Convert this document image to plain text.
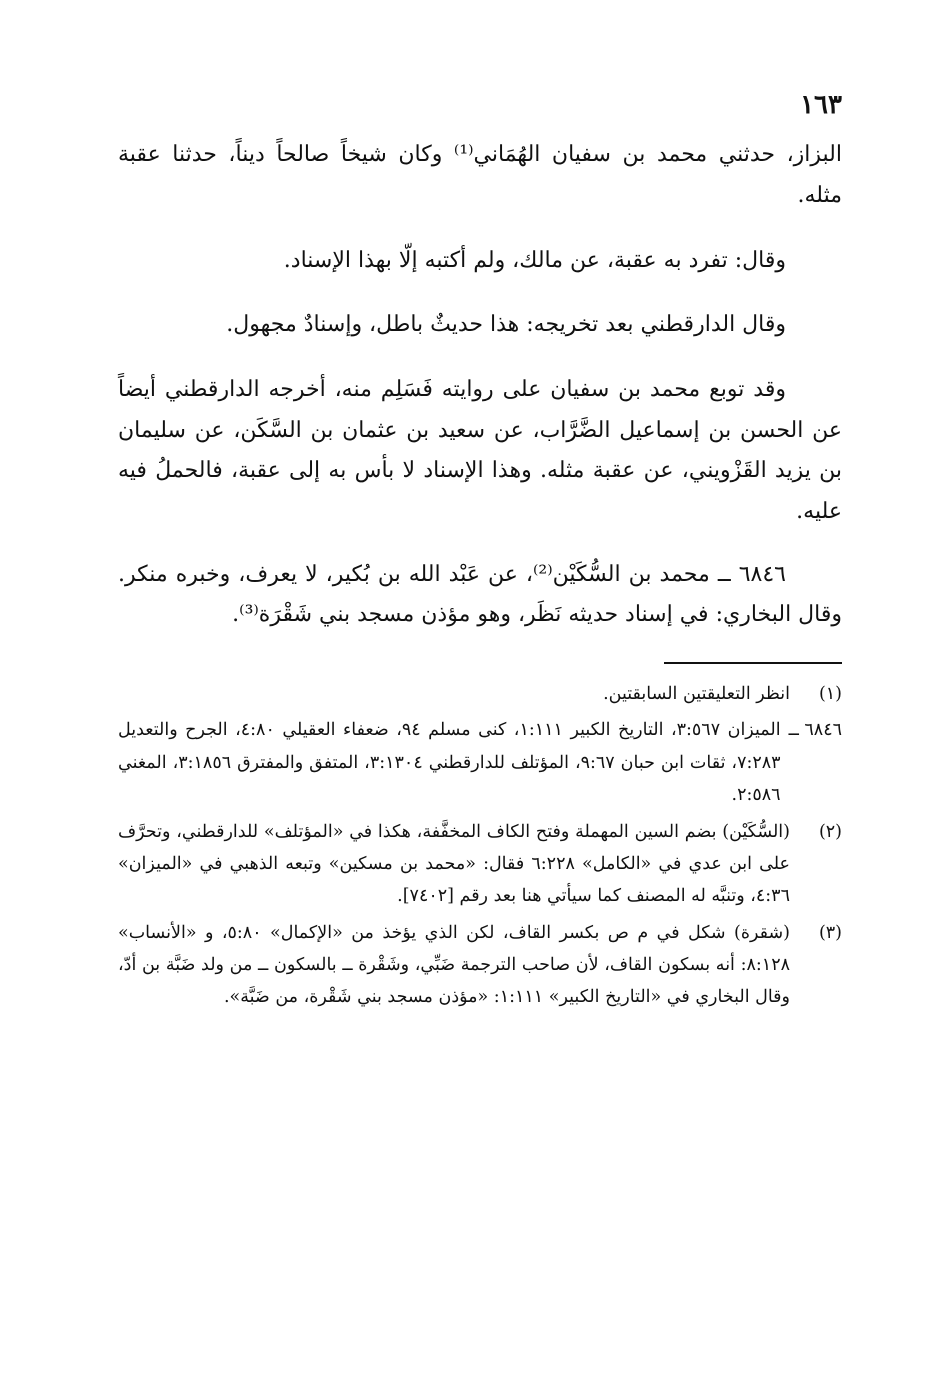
١٦٣

البزاز، حدثني محمد بن سفيان الهُمَاني⁽¹⁾ وكان شيخاً صالحاً ديناً، حدثنا عقبة مثله.

وقال: تفرد به عقبة، عن مالك، ولم أكتبه إلّا بهذا الإسناد.

وقال الدارقطني بعد تخريجه: هذا حديثٌ باطل، وإسنادٌ مجهول.

وقد توبع محمد بن سفيان على روايته فَسَلِم منه، أخرجه الدارقطني أيضاً عن الحسن بن إسماعيل الضَّرَّاب، عن سعيد بن عثمان بن السَّكَن، عن سليمان بن يزيد القَزْويني، عن عقبة مثله. وهذا الإسناد لا بأس به إلى عقبة، فالحملُ فيه عليه.

٦٨٤٦ ــ محمد بن السُّكَيْن⁽²⁾، عن عَبْد الله بن بُكير، لا يعرف، وخبره منكر. وقال البخاري: في إسناد حديثه نَظَر، وهو مؤذن مسجد بني شَقْرَة⁽³⁾.

(١)
انظر التعليقتين السابقتين.
٦٨٤٦ ــ
الميزان ٣:٥٦٧، التاريخ الكبير ١:١١١، كنى مسلم ٩٤، ضعفاء العقيلي ٤:٨٠، الجرح والتعديل ٧:٢٨٣، ثقات ابن حبان ٩:٦٧، المؤتلف للدارقطني ٣:١٣٠٤، المتفق والمفترق ٣:١٨٥٦، المغني ٢:٥٨٦.
(٢)
(السُّكَيْن) بضم السين المهملة وفتح الكاف المخفَّفة، هكذا في «المؤتلف» للدارقطني، وتحرَّف على ابن عدي في «الكامل» ٦:٢٢٨ فقال: «محمد بن مسكين» وتبعه الذهبي في «الميزان» ٤:٣٦، وتنبَّه له المصنف كما سيأتي هنا بعد رقم [٧٤٠٢].
(٣)
(شقرة) شكل في م ص بكسر القاف، لكن الذي يؤخذ من «الإكمال» ٥:٨٠، و «الأنساب» ٨:١٢٨: أنه بسكون القاف، لأن صاحب الترجمة ضَبِّي، وشَقْرة ــ بالسكون ــ من ولد ضَبَّة بن أدّ، وقال البخاري في «التاريخ الكبير» ١:١١١: «مؤذن مسجد بني شَقْرة، من ضَبَّة».
